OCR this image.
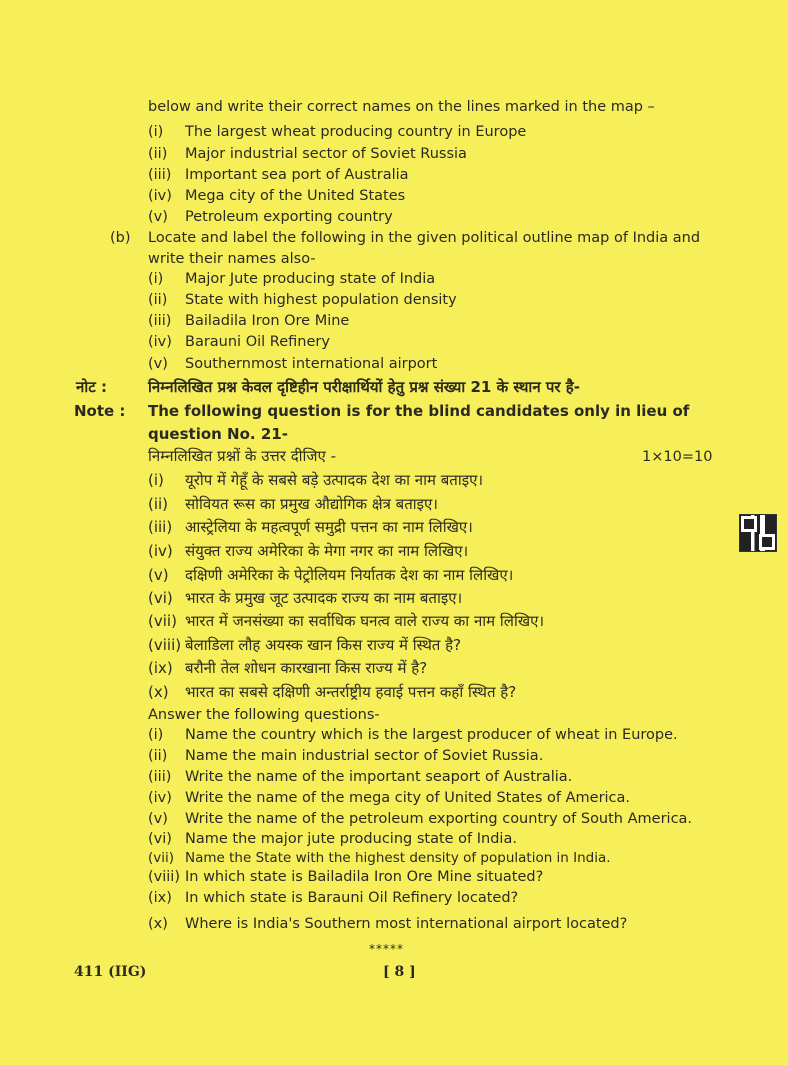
below and write their correct names on the lines marked in the map –
(i) The largest wheat producing country in Europe
(ii) Major industrial sector of Soviet Russia
(iii) Important sea port of Australia
(iv) Mega city of the United States
(v) Petroleum exporting country
(b) Locate and label the following in the given political outline map of India and
write their names also-
(i) Major Jute producing state of India
(ii) State with highest population density
(iii) Bailadila Iron Ore Mine
(iv) Barauni Oil Refinery
(v) Southernmost international airport
नोट :	निम्नलिखित प्रश्न केवल दृष्टिहीन परीक्षार्थियों हेतु प्रश्न संख्या 21 के स्थान पर है-
Note : The following question is for the blind candidates only in lieu of
question No. 21-
निम्नलिखित प्रश्नों के उत्तर दीजिए -	1×10=10
(i) यूरोप में गेहूँ के सबसे बड़े उत्पादक देश का नाम बताइए।
(ii) सोवियत रूस का प्रमुख औद्योगिक क्षेत्र बताइए।
(iii) आस्ट्रेलिया के महत्वपूर्ण समुद्री पत्तन का नाम लिखिए।
(iv) संयुक्त राज्य अमेरिका के मेगा नगर का नाम लिखिए।
(v) दक्षिणी अमेरिका के पेट्रोलियम निर्यातक देश का नाम लिखिए।
(vi) भारत के प्रमुख जूट उत्पादक राज्य का नाम बताइए।
(vii) भारत में जनसंख्या का सर्वाधिक घनत्व वाले राज्य का नाम लिखिए।
(viii) बेलाडिला लौह अयस्क खान किस राज्य में स्थित है?
(ix) बरौनी तेल शोधन कारखाना किस राज्य में है?
(x) भारत का सबसे दक्षिणी अन्तर्राष्ट्रीय हवाई पत्तन कहाँ स्थित है?
Answer the following questions-
(i) Name the country which is the largest producer of wheat in Europe.
(ii) Name the main industrial sector of Soviet Russia.
(iii) Write the name of the important seaport of Australia.
(iv) Write the name of the mega city of United States of America.
(v) Write the name of the petroleum exporting country of South America.
(vi) Name the major jute producing state of India.
(vii) Name the State with the highest density of population in India.
(viii) In which state is Bailadila Iron Ore Mine situated?
(ix) In which state is Barauni Oil Refinery located?
(x) Where is India's Southern most international airport located?
*****
411 (IIG)	[ 8 ]
